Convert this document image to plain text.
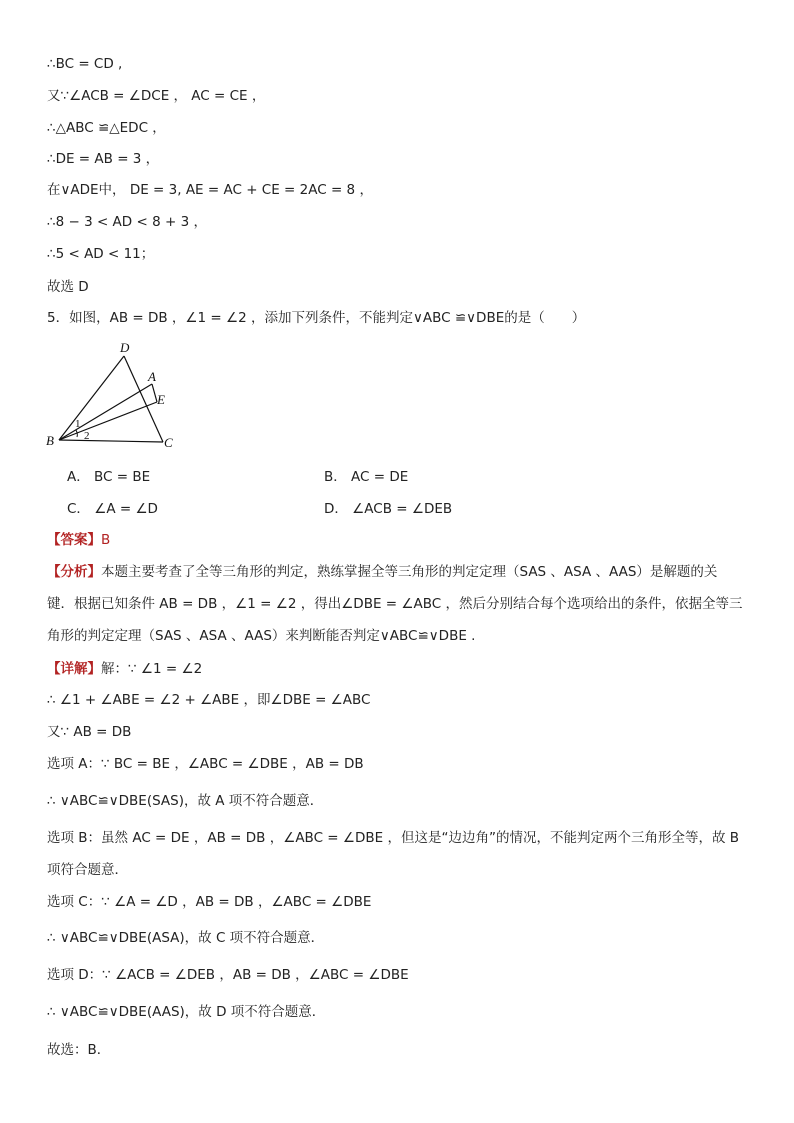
∴BC = CD ,
又∵∠ACB = ∠DCE ， AC = CE ，
∴△ABC ≌△EDC ，
∴DE = AB = 3 ，
在∨ADE中， DE = 3, AE = AC + CE = 2AC = 8 ，
∴8 − 3 < AD < 8 + 3 ，
∴5 < AD < 11；
故选 D
5．如图，AB = DB ，∠1 = ∠2 ，添加下列条件，不能判定∨ABC ≌∨DBE的是（　　）
D
A
E
B	C
1
2
A． BC = BE	B． AC = DE
C． ∠A = ∠D	D． ∠ACB = ∠DEB
【答案】B
【分析】本题主要考查了全等三角形的判定，熟练掌握全等三角形的判定定理（SAS 、ASA 、AAS）是解题的关
键．根据已知条件 AB = DB ，∠1 = ∠2 ，得出∠DBE = ∠ABC ，然后分别结合每个选项给出的条件，依据全等三
角形的判定定理（SAS 、ASA 、AAS）来判断能否判定∨ABC≌∨DBE .
【详解】解：∵ ∠1 = ∠2
∴ ∠1 + ∠ABE = ∠2 + ∠ABE ，即∠DBE = ∠ABC
又∵ AB = DB
选项 A：∵ BC = BE ，∠ABC = ∠DBE ，AB = DB
∴ ∨ABC≌∨DBE(SAS)，故 A 项不符合题意．
选项 B：虽然 AC = DE ，AB = DB ，∠ABC = ∠DBE ，但这是“边边角”的情况，不能判定两个三角形全等，故 B
项符合题意．
选项 C：∵ ∠A = ∠D ，AB = DB ，∠ABC = ∠DBE
∴ ∨ABC≌∨DBE(ASA)，故 C 项不符合题意．
选项 D：∵ ∠ACB = ∠DEB ，AB = DB ，∠ABC = ∠DBE
∴ ∨ABC≌∨DBE(AAS)，故 D 项不符合题意．
故选：B．
